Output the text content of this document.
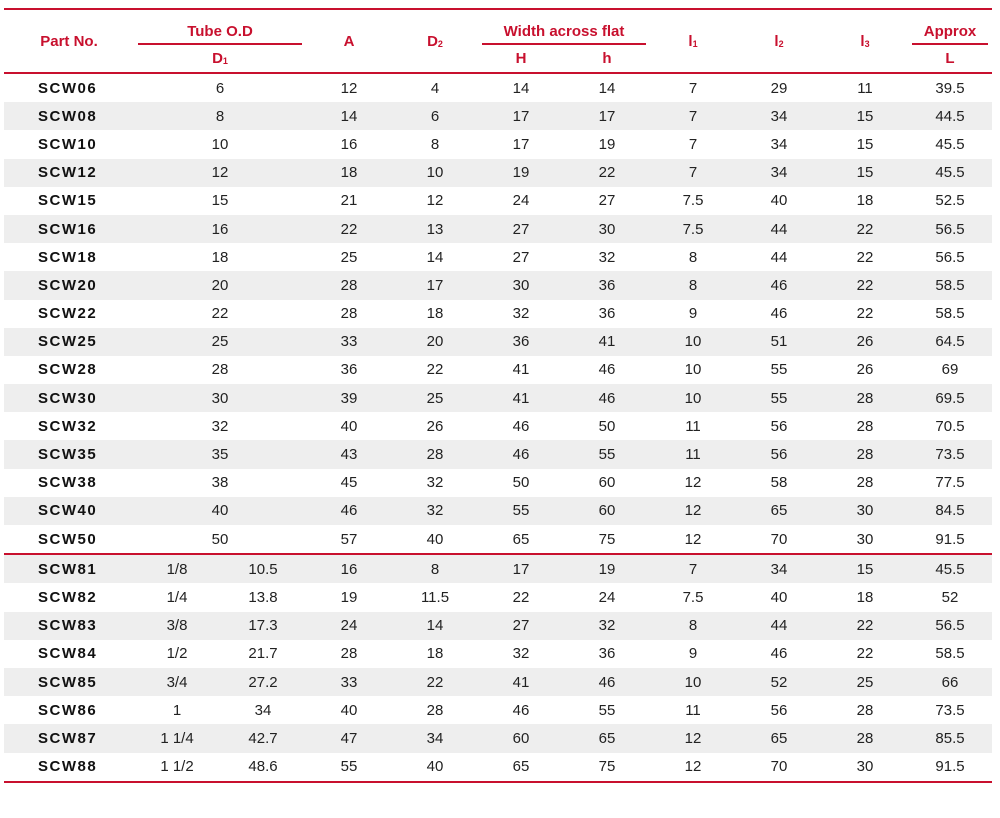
Part No.	Tube O.D		A	$D_2$	Width across flat		$l_1$	$l_2$	$l_3$	Approx

	$D_1$				H	h				L
SCW06	6		12	4	14	14	7	29	11	39.5
SCW08	8		14	6	17	17	7	34	15	44.5
SCW10	10		16	8	17	19	7	34	15	45.5
SCW12	12		18	10	19	22	7	34	15	45.5
SCW15	15		21	12	24	27	7.5	40	18	52.5
SCW16	16		22	13	27	30	7.5	44	22	56.5
SCW18	18		25	14	27	32	8	44	22	56.5
SCW20	20		28	17	30	36	8	46	22	58.5
SCW22	22		28	18	32	36	9	46	22	58.5
SCW25	25		33	20	36	41	10	51	26	64.5
SCW28	28		36	22	41	46	10	55	26	69
SCW30	30		39	25	41	46	10	55	28	69.5
SCW32	32		40	26	46	50	11	56	28	70.5
SCW35	35		43	28	46	55	11	56	28	73.5
SCW38	38		45	32	50	60	12	58	28	77.5
SCW40	40		46	32	55	60	12	65	30	84.5
SCW50	50		57	40	65	75	12	70	30	91.5
SCW81	1/8	10.5	16	8	17	19	7	34	15	45.5
SCW82	1/4	13.8	19	11.5	22	24	7.5	40	18	52
SCW83	3/8	17.3	24	14	27	32	8	44	22	56.5
SCW84	1/2	21.7	28	18	32	36	9	46	22	58.5
SCW85	3/4	27.2	33	22	41	46	10	52	25	66
SCW86	1	34	40	28	46	55	11	56	28	73.5
SCW87	1 1/4	42.7	47	34	60	65	12	65	28	85.5
SCW88	1 1/2	48.6	55	40	65	75	12	70	30	91.5
